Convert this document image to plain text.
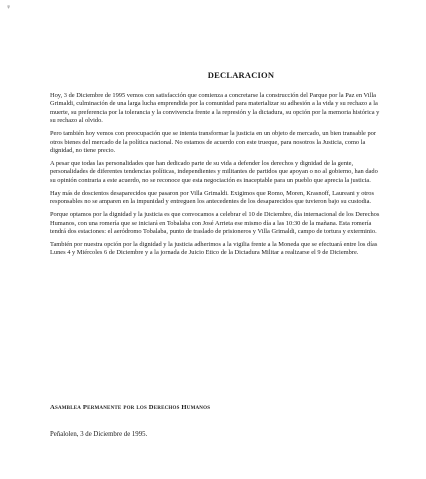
♀
DECLARACION

Hoy, 3 de Diciembre de 1995 vemos con satisfacción que comienza a concretarse la construcción del Parque por la Paz en Villa Grimaldi, culminación de una larga lucha emprendida por la comunidad para materializar su adhesión a la vida y su rechazo a la muerte, su preferencia por la tolerancia y la convivencia frente a la represión y la dictadura, su opción por la memoria histórica y su rechazo al olvido.

Pero también hoy vemos con preocupación que se intenta transformar la justicia en un objeto de mercado, un bien transable por otros bienes del mercado de la política nacional. No estamos de acuerdo con este trueque, para nosotros la Justicia, como la dignidad, no tiene precio.

A pesar que todas las personalidades que han dedicado parte de su vida a defender los derechos y dignidad de la gente, personalidades de diferentes tendencias políticas, independientes y militantes de partidos que apoyan o no al gobierno, han dado su opinión contraria a este acuerdo, no se reconoce que esta negociación es inaceptable para un pueblo que aprecia la justicia.

Hay más de doscientos desaparecidos que pasaron por Villa Grimaldi. Exigimos que Romo, Moren, Krasnoff, Laureani y otros responsables no se amparen en la impunidad y entreguen los antecedentes de los desaparecidos que tuvieron bajo su custodia.

Porque optamos por la dignidad y la justicia es que convocamos a celebrar el 10 de Diciembre, día internacional de los Derechos Humanos, con una romería que se iniciará en Tobalaba con José Arrieta ese mismo día a las 10:30 de la mañana. Esta romería tendrá dos estaciones: el aeródromo Tobalaba, punto de traslado de prisioneros y Villa Grimaldi, campo de tortura y exterminio.

También por nuestra opción por la dignidad y la justicia adherimos a la vigilia frente a la Moneda que se efectuará entre los días Lunes 4 y Miércoles 6 de Diciembre y a la jornada de Juicio Etico de la Dictadura Militar a realizarse el 9 de Diciembre.

Asamblea Permanente por los Derechos Humanos
Peñalolen, 3 de Diciembre de 1995.
